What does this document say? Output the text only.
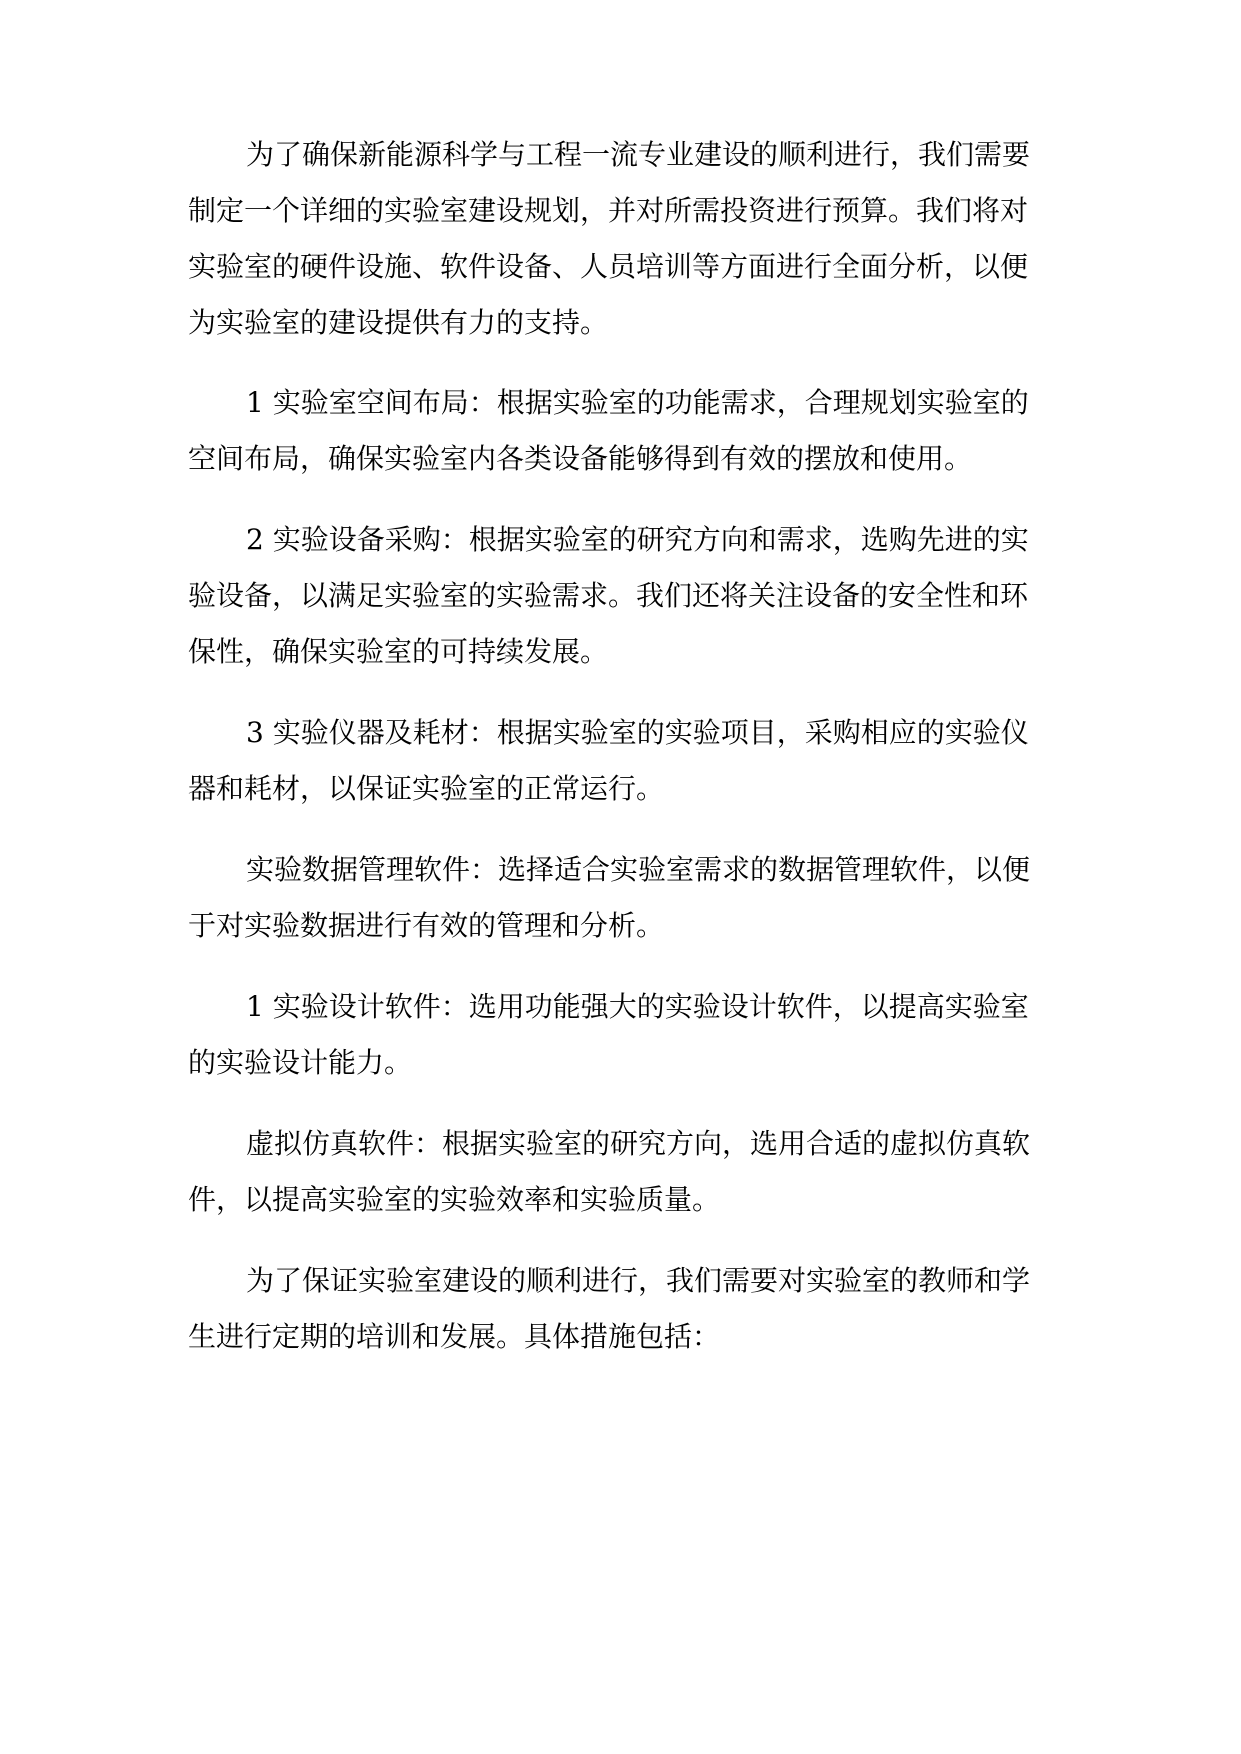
为了确保新能源科学与工程一流专业建设的顺利进行，我们需要
制定一个详细的实验室建设规划，并对所需投资进行预算。我们将对
实验室的硬件设施、软件设备、人员培训等方面进行全面分析，以便
为实验室的建设提供有力的支持。
1 实验室空间布局：根据实验室的功能需求，合理规划实验室的
空间布局，确保实验室内各类设备能够得到有效的摆放和使用。
2 实验设备采购：根据实验室的研究方向和需求，选购先进的实
验设备，以满足实验室的实验需求。我们还将关注设备的安全性和环
保性，确保实验室的可持续发展。
3 实验仪器及耗材：根据实验室的实验项目，采购相应的实验仪
器和耗材，以保证实验室的正常运行。
实验数据管理软件：选择适合实验室需求的数据管理软件，以便
于对实验数据进行有效的管理和分析。
1 实验设计软件：选用功能强大的实验设计软件，以提高实验室
的实验设计能力。
虚拟仿真软件：根据实验室的研究方向，选用合适的虚拟仿真软
件，以提高实验室的实验效率和实验质量。
为了保证实验室建设的顺利进行，我们需要对实验室的教师和学
生进行定期的培训和发展。具体措施包括：
